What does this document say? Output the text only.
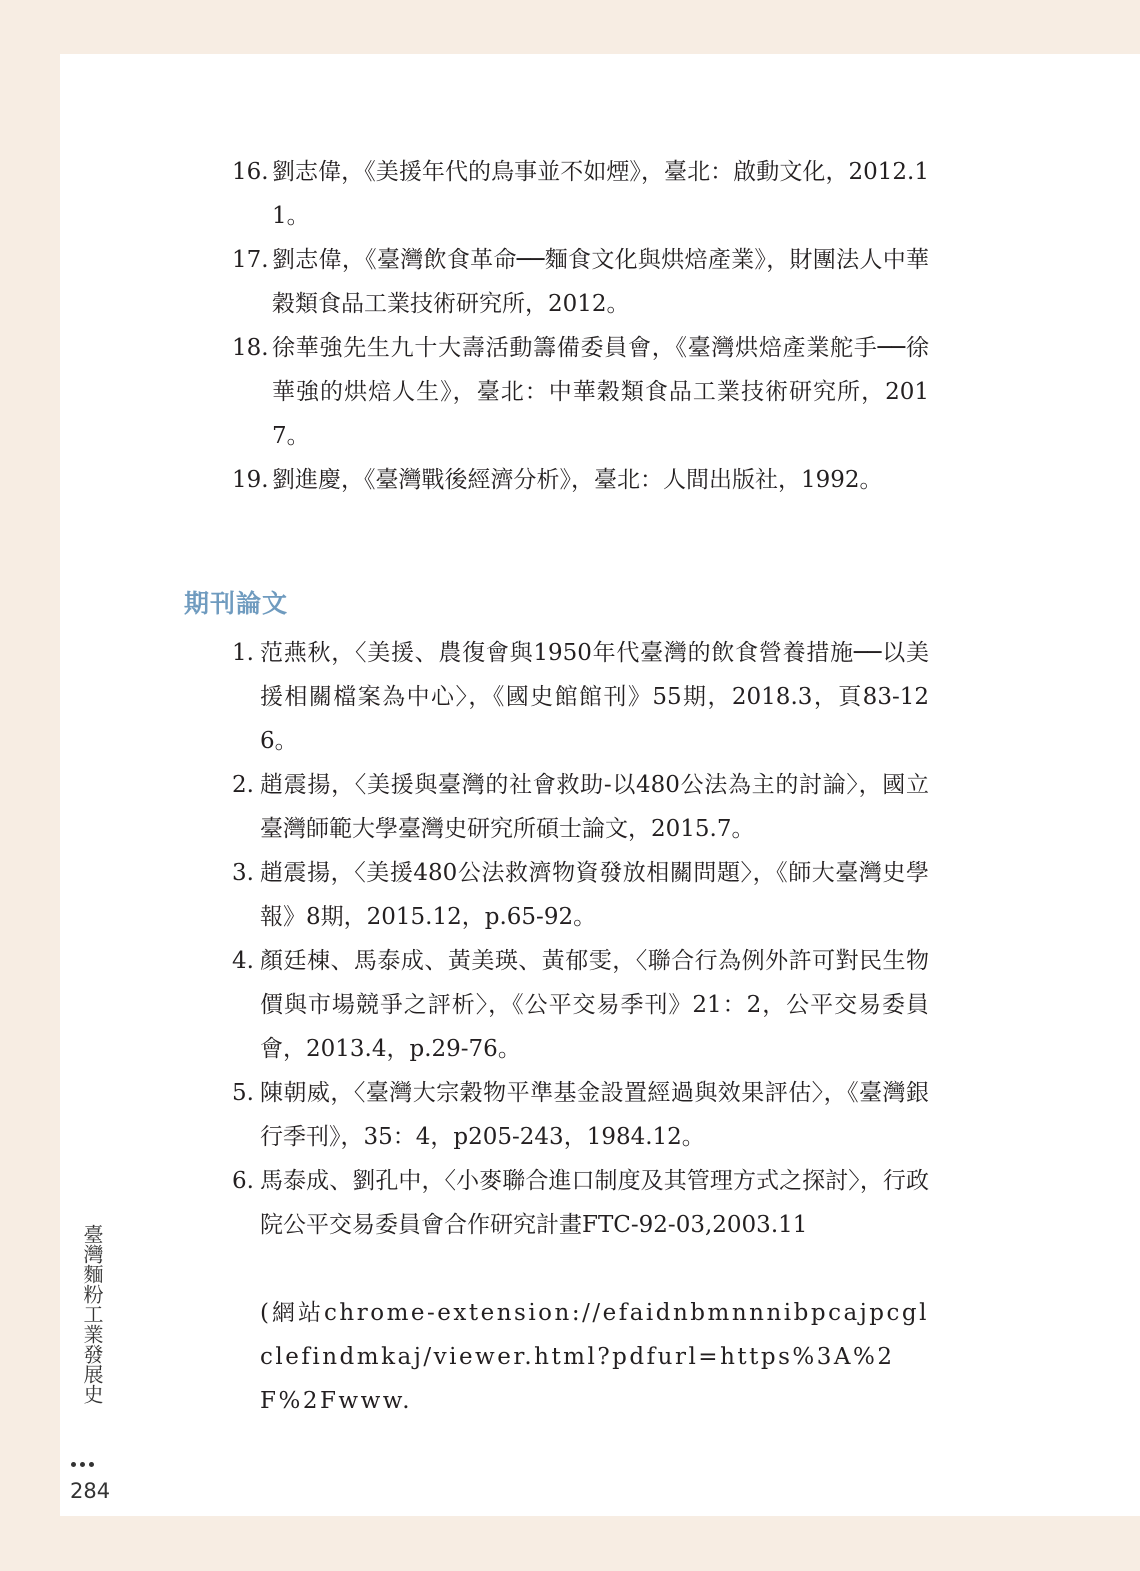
16. 劉志偉，《美援年代的鳥事並不如煙》，臺北：啟動文化，2012.11。
17. 劉志偉，《臺灣飲食革命──麵食文化與烘焙產業》，財團法人中華穀類食品工業技術研究所，2012。
18. 徐華強先生九十大壽活動籌備委員會，《臺灣烘焙產業舵手──徐華強的烘焙人生》，臺北：中華穀類食品工業技術研究所，2017。
19. 劉進慶，《臺灣戰後經濟分析》，臺北：人間出版社，1992。
期刊論文
1. 范燕秋，〈美援、農復會與1950年代臺灣的飲食營養措施──以美援相關檔案為中心〉，《國史館館刊》55期，2018.3，頁83-126。
2. 趙震揚，〈美援與臺灣的社會救助-以480公法為主的討論〉，國立臺灣師範大學臺灣史研究所碩士論文，2015.7。
3. 趙震揚，〈美援480公法救濟物資發放相關問題〉，《師大臺灣史學報》8期，2015.12，p.65-92。
4. 顏廷棟、馬泰成、黃美瑛、黃郁雯，〈聯合行為例外許可對民生物價與市場競爭之評析〉，《公平交易季刊》21：2，公平交易委員會，2013.4，p.29-76。
5. 陳朝威，〈臺灣大宗穀物平準基金設置經過與效果評估〉，《臺灣銀行季刊》，35：4，p205-243，1984.12。
6. 馬泰成、劉孔中，〈小麥聯合進口制度及其管理方式之探討〉，行政院公平交易委員會合作研究計畫FTC-92-03,2003.11
(網站chrome-extension://efaidnbmnnnibpcajpcglclefindmkaj/viewer.html?pdfurl=https%3A%2F%2Fwww.
臺灣麵粉工業發展史
284
